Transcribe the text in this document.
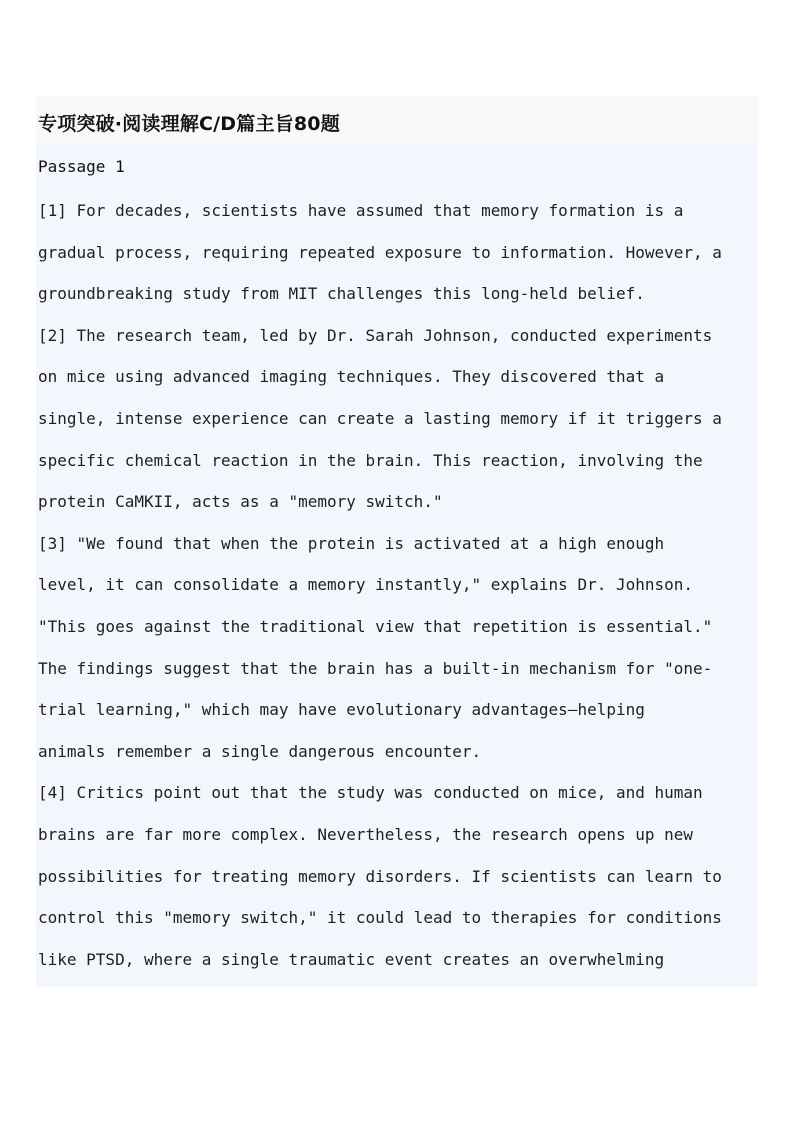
专项突破·阅读理解C/D篇主旨80题
Passage 1
[1] For decades, scientists have assumed that memory formation is a
gradual process, requiring repeated exposure to information. However, a
groundbreaking study from MIT challenges this long-held belief.
[2] The research team, led by Dr. Sarah Johnson, conducted experiments
on mice using advanced imaging techniques. They discovered that a
single, intense experience can create a lasting memory if it triggers a
specific chemical reaction in the brain. This reaction, involving the
protein CaMKII, acts as a "memory switch."
[3] "We found that when the protein is activated at a high enough
level, it can consolidate a memory instantly," explains Dr. Johnson.
"This goes against the traditional view that repetition is essential."
The findings suggest that the brain has a built-in mechanism for "one-
trial learning," which may have evolutionary advantages—helping
animals remember a single dangerous encounter.
[4] Critics point out that the study was conducted on mice, and human
brains are far more complex. Nevertheless, the research opens up new
possibilities for treating memory disorders. If scientists can learn to
control this "memory switch," it could lead to therapies for conditions
like PTSD, where a single traumatic event creates an overwhelming
